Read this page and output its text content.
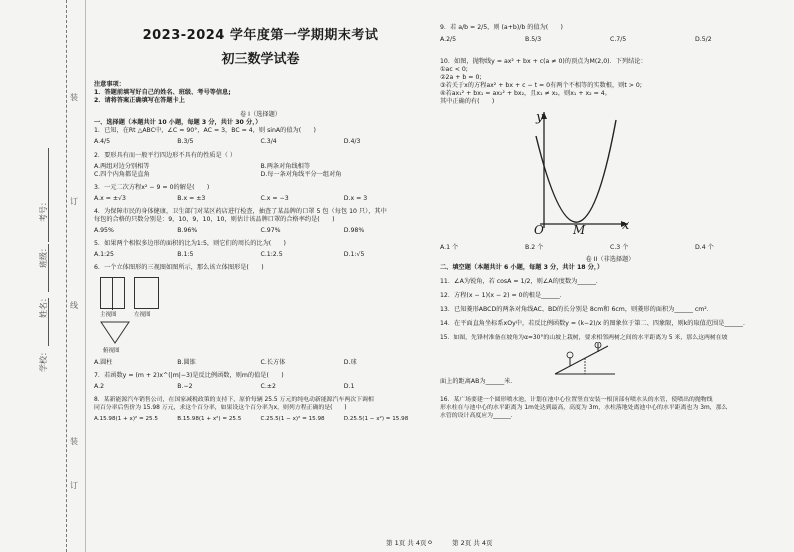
学校：
姓名：
班级：
考号：
装
订
线
装
订
2023-2024 学年度第一学期期末考试
初三数学试卷
注意事项：
1．答题前填写好自己的姓名、班级、考号等信息;
2．请将答案正确填写在答题卡上
卷 I（选择题）
一、选择题（本题共计 10 小题，每题 3 分，共计 30 分，）
1．已知，在Rt △ABC中，∠C = 90°，AC = 3，BC = 4，则 sinA的值为(　　)
A.4/5	B.3/5	C.3/4	D.4/3
2．要形具有而一般平行四边形不具有的性质是（ ）
A.两组对边分别相等	B.两条对角线相等
C.四个内角都是直角	D.每一条对角线平分一组对角
3．一元二次方程x² − 9 = 0的解是(　　)
A.x = ±√3	B.x = ±3	C.x = −3	D.x = 3
4．为保障市民的身体健康，卫生部门对某区药店进行检查，抽查了某品牌的口罩 5 包（每包 10 只），其中
每包的合格的只数分别是：9，10，9，10，10，则估计该品牌口罩的合格率约是(　　)
A.95%	B.96%	C.97%	D.98%
5．如果两个相似多边形的面积的比为1:5，则它们的周长的比为(　　)
A.1:25	B.1:5	C.1:2.5	D.1:√5
6．一个立体图形的三视图如图所示，那么该立体图形是(　　)
主视图	左视图
俯视图
A.圆柱	B.圆锥	C.长方体	D.球
7．若函数y = (m + 2)x^(|m|−3)是反比例函数，则m的值是(　　)
A.2	B.−2	C.±2	D.1
8．某新能源汽车销售公司，在国家减税政策的支持下，原价每辆 25.5 万元的纯电动新能源汽车两次下调相
同百分率后售价为 15.98 万元，求这个百分率，如果设这个百分率为x，则列方程正确的是(　　)
A.15.98(1 + x)² = 25.5	B.15.98(1 + x²) = 25.5	C.25.5(1 − x)² = 15.98	D.25.5(1 − x²) = 15.98
9．若 a/b = 2/5，则 (a+b)/b 的值为(　　)
A.2/5	B.5/3	C.7/5	D.5/2
10．如图，抛物线y = ax² + bx + c(a ≠ 0)的顶点为M(2,0)．下列结论：
①ac < 0;
②2a + b = 0;
③若关于x的方程ax² + bx + c − t = 0有两个不相等的实数根，则t > 0;
④若ax₁² + bx₁ = ax₂² + bx₂，且x₁ ≠ x₂，则x₁ + x₂ = 4。
其中正确的有(　　)
y
x
O M
A.1 个	B.2 个	C.3 个	D.4 个
卷 II（非选择题）
二、填空题（本题共计 6 小题，每题 3 分，共计 18 分，）
11．∠A为锐角，若 cosA = 1/2，则∠A的度数为______．
12．方程(x − 1)(x − 2) = 0的根是______．
13．已知菱形ABCD的两条对角线AC、BD的长分别是 8cm和 6cm，则菱形的面积为______ cm²．
14．在平面直角坐标系xOy中，若反比例函数y = (k−2)/x 的图象位于第二、四象限，则k的取值范围是______．
15．如图，先锋村准备在坡角为α=30°的山坡上栽树，要求相邻两树之间的水平距离为 5 米，那么这两树在坡
面上的距离AB为______米．
16．某广场要建一个圆形喷水池，计划在池中心位置竖直安装一根顶部有喷水头的水管，使喷出的抛物线
形水柱在与池中心的水平距离为 1m处达到最高，高度为 3m，水柱落地处离池中心的水平距离也为 3m，那么
水管的设计高度应为______．
第 1页 共 4页 o	第 2页 共 4页
